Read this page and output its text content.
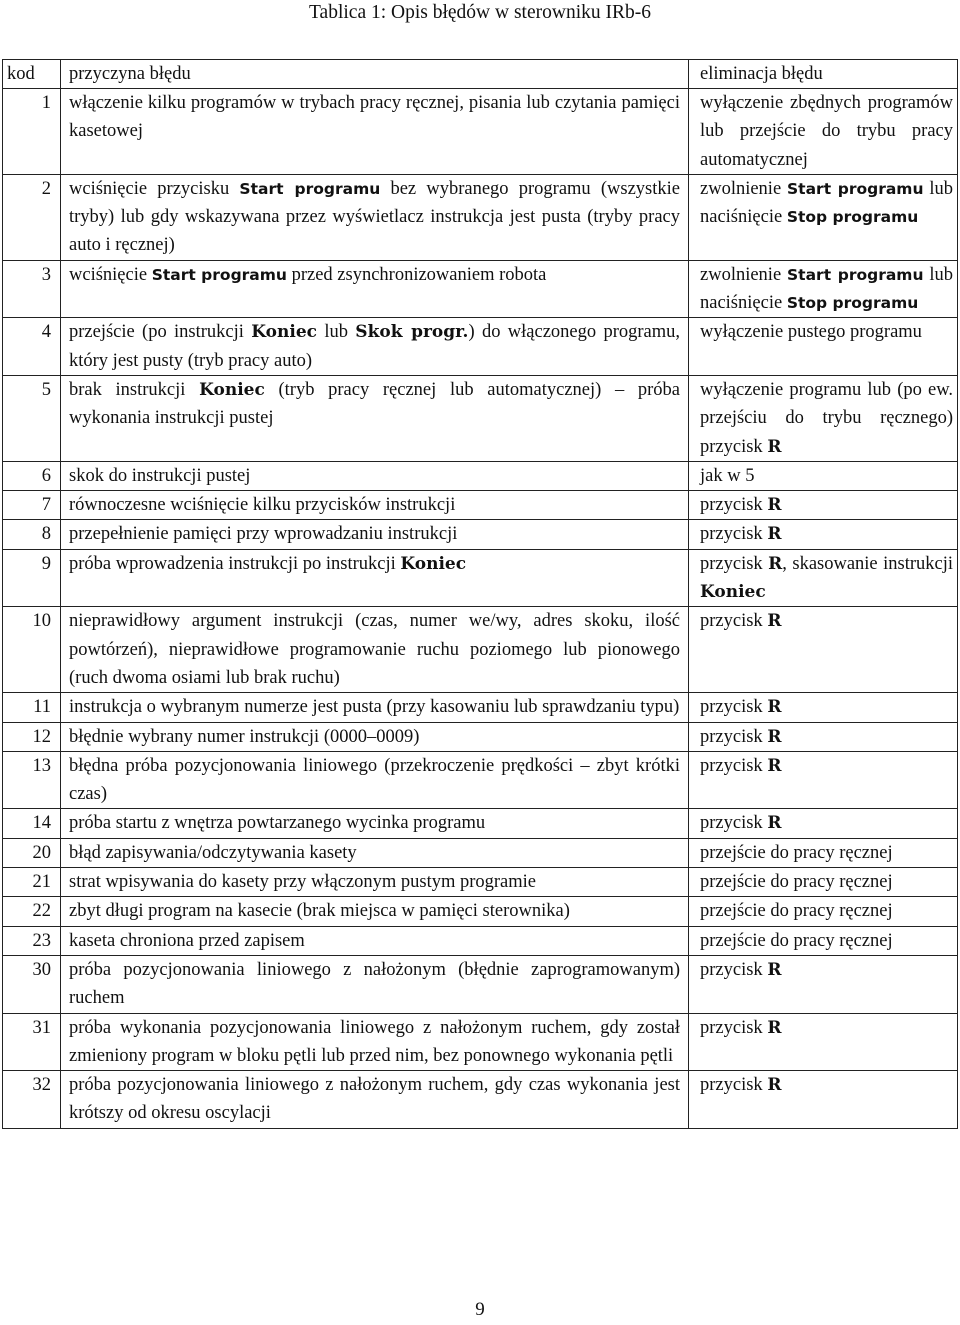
Tablica 1: Opis błędów w sterowniku IRb-6
kod	przyczyna błędu	eliminacja błędu
1	włączenie kilku programów w trybach pracy ręcznej, pisania lub czytania pamięci kasetowej	wyłączenie zbędnych programów lub przejście do trybu pracy automatycznej
2	wciśnięcie przycisku Start programu bez wybranego programu (wszystkie tryby) lub gdy wskazywana przez wyświetlacz instrukcja jest pusta (tryby pracy auto i ręcznej)	zwolnienie Start programu lub naciśnięcie Stop programu
3	wciśnięcie Start programu przed zsynchronizowaniem robota	zwolnienie Start programu lub naciśnięcie Stop programu
4	przejście (po instrukcji Koniec lub Skok progr.) do włączonego programu, który jest pusty (tryb pracy auto)	wyłączenie pustego programu
5	brak instrukcji Koniec (tryb pracy ręcznej lub automatycznej) – próba wykonania instrukcji pustej	wyłączenie programu lub (po ew. przejściu do trybu ręcznego) przycisk R
6	skok do instrukcji pustej	jak w 5
7	równoczesne wciśnięcie kilku przycisków instrukcji	przycisk R
8	przepełnienie pamięci przy wprowadzaniu instrukcji	przycisk R
9	próba wprowadzenia instrukcji po instrukcji Koniec	przycisk R, skasowanie instrukcji Koniec
10	nieprawidłowy argument instrukcji (czas, numer we/wy, adres skoku, ilość powtórzeń), nieprawidłowe programowanie ruchu poziomego lub pionowego (ruch dwoma osiami lub brak ruchu)	przycisk R
11	instrukcja o wybranym numerze jest pusta (przy kasowaniu lub sprawdzaniu typu)	przycisk R
12	błędnie wybrany numer instrukcji (0000–0009)	przycisk R
13	błędna próba pozycjonowania liniowego (przekroczenie prędkości – zbyt krótki czas)	przycisk R
14	próba startu z wnętrza powtarzanego wycinka programu	przycisk R
20	błąd zapisywania/odczytywania kasety	przejście do pracy ręcznej
21	strat wpisywania do kasety przy włączonym pustym programie	przejście do pracy ręcznej
22	zbyt długi program na kasecie (brak miejsca w pamięci sterownika)	przejście do pracy ręcznej
23	kaseta chroniona przed zapisem	przejście do pracy ręcznej
30	próba pozycjonowania liniowego z nałożonym (błędnie zaprogramowanym) ruchem	przycisk R
31	próba wykonania pozycjonowania liniowego z nałożonym ruchem, gdy został zmieniony program w bloku pętli lub przed nim, bez ponownego wykonania pętli	przycisk R
32	próba pozycjonowania liniowego z nałożonym ruchem, gdy czas wykonania jest krótszy od okresu oscylacji	przycisk R
9
